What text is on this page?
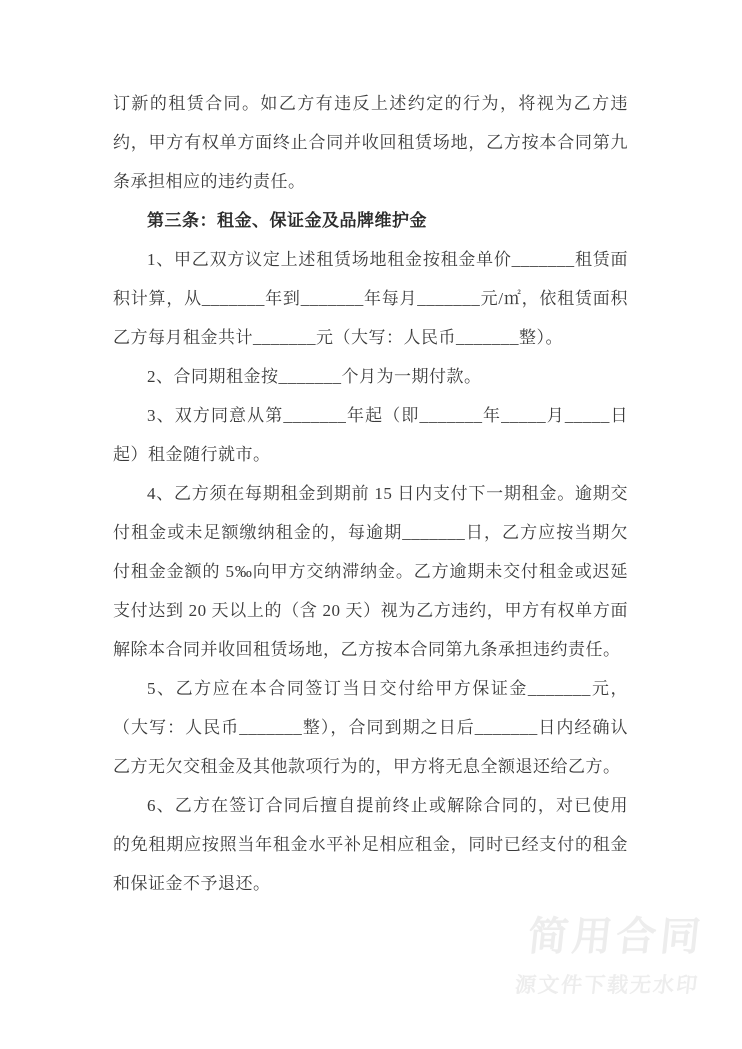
订新的租赁合同。如乙方有违反上述约定的行为，将视为乙方违约，甲方有权单方面终止合同并收回租赁场地，乙方按本合同第九条承担相应的违约责任。

第三条：租金、保证金及品牌维护金

1、甲乙双方议定上述租赁场地租金按租金单价_______租赁面积计算，从_______年到_______年每月_______元/㎡，依租赁面积乙方每月租金共计_______元（大写：人民币_______整）。

2、合同期租金按_______个月为一期付款。

3、双方同意从第_______年起（即_______年_____月_____日起）租金随行就市。

4、乙方须在每期租金到期前 15 日内支付下一期租金。逾期交付租金或未足额缴纳租金的，每逾期_______日，乙方应按当期欠付租金金额的 5‰向甲方交纳滞纳金。乙方逾期未交付租金或迟延支付达到 20 天以上的（含 20 天）视为乙方违约，甲方有权单方面解除本合同并收回租赁场地，乙方按本合同第九条承担违约责任。

5、乙方应在本合同签订当日交付给甲方保证金_______元，（大写：人民币_______整），合同到期之日后_______日内经确认乙方无欠交租金及其他款项行为的，甲方将无息全额退还给乙方。

6、乙方在签订合同后擅自提前终止或解除合同的，对已使用的免租期应按照当年租金水平补足相应租金，同时已经支付的租金和保证金不予退还。

简用合同
源文件下载无水印
